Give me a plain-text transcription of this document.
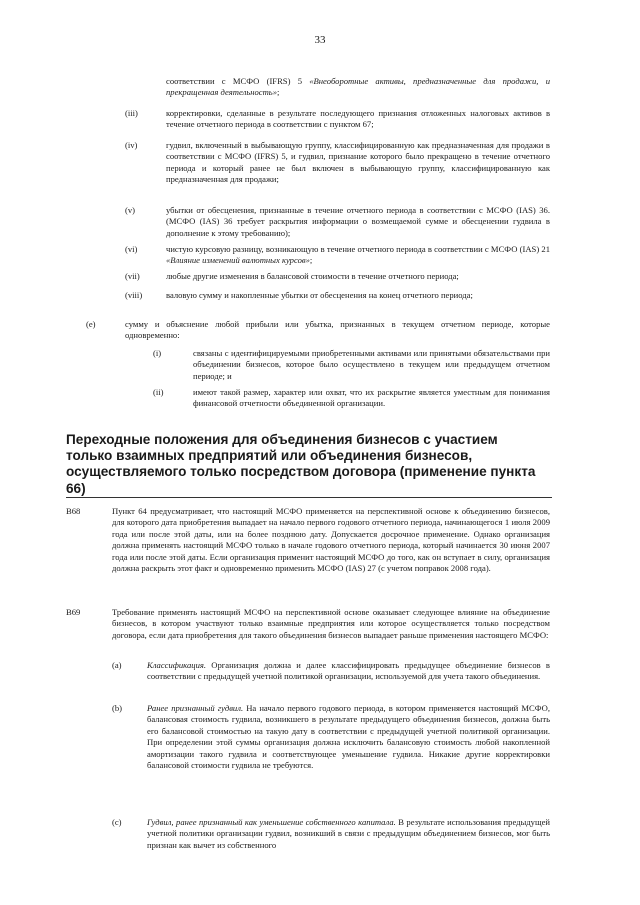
33
соответствии с МСФО (IFRS) 5 «Внеоборотные активы, предназначенные для продажи, и прекращенная деятельность»;
(iii)	корректировки, сделанные в результате последующего признания отложенных налоговых активов в течение отчетного периода в соответствии с пунктом 67;
(iv)	гудвил, включенный в выбывающую группу, классифицированную как предназначенная для продажи в соответствии с МСФО (IFRS) 5, и гудвил, признание которого было прекращено в течение отчетного периода и который ранее не был включен в выбывающую группу, классифицированную как предназначенная для продажи;
(v)	убытки от обесценения, признанные в течение отчетного периода в соответствии с МСФО (IAS) 36. (МСФО (IAS) 36 требует раскрытия информации о возмещаемой сумме и обесценении гудвила в дополнение к этому требованию);
(vi)	чистую курсовую разницу, возникающую в течение отчетного периода в соответствии с МСФО (IAS) 21 «Влияние изменений валютных курсов»;
(vii)	любые другие изменения в балансовой стоимости в течение отчетного периода;
(viii)	валовую сумму и накопленные убытки от обесценения на конец отчетного периода;
(e)	сумму и объяснение любой прибыли или убытка, признанных в текущем отчетном периоде, которые одновременно:
(i)	связаны с идентифицируемыми приобретенными активами или принятыми обязательствами при объединении бизнесов, которое было осуществлено в текущем или предыдущем отчетном периоде; и
(ii)	имеют такой размер, характер или охват, что их раскрытие является уместным для понимания финансовой отчетности объединенной организации.
Переходные положения для объединения бизнесов с участием только взаимных предприятий или объединения бизнесов, осуществляемого только посредством договора (применение пункта 66)
B68	Пункт 64 предусматривает, что настоящий МСФО применяется на перспективной основе к объединению бизнесов, для которого дата приобретения выпадает на начало первого годового отчетного периода, начинающегося 1 июля 2009 года или после этой даты, или на более позднюю дату. Допускается досрочное применение. Однако организация должна применять настоящий МСФО только в начале годового отчетного периода, который начинается 30 июня 2007 года или после этой даты. Если организация применит настоящий МСФО до того, как он вступает в силу, организация должна раскрыть этот факт и одновременно применить МСФО (IAS) 27 (с учетом поправок 2008 года).
B69	Требование применять настоящий МСФО на перспективной основе оказывает следующее влияние на объединение бизнесов, в котором участвуют только взаимные предприятия или которое осуществляется только посредством договора, если дата приобретения для такого объединения бизнесов выпадает раньше применения настоящего МСФО:
(a)	Классификация. Организация должна и далее классифицировать предыдущее объединение бизнесов в соответствии с предыдущей учетной политикой организации, используемой для учета такого объединения.
(b)	Ранее признанный гудвил. На начало первого годового периода, в котором применяется настоящий МСФО, балансовая стоимость гудвила, возникшего в результате предыдущего объединения бизнесов, должна быть его балансовой стоимостью на такую дату в соответствии с предыдущей учетной политикой организации. При определении этой суммы организация должна исключить балансовую стоимость любой накопленной амортизации такого гудвила и соответствующее уменьшение гудвила. Никакие другие корректировки балансовой стоимости гудвила не требуются.
(c)	Гудвил, ранее признанный как уменьшение собственного капитала. В результате использования предыдущей учетной политики организации гудвил, возникший в связи с предыдущим объединением бизнесов, мог быть признан как вычет из собственного
